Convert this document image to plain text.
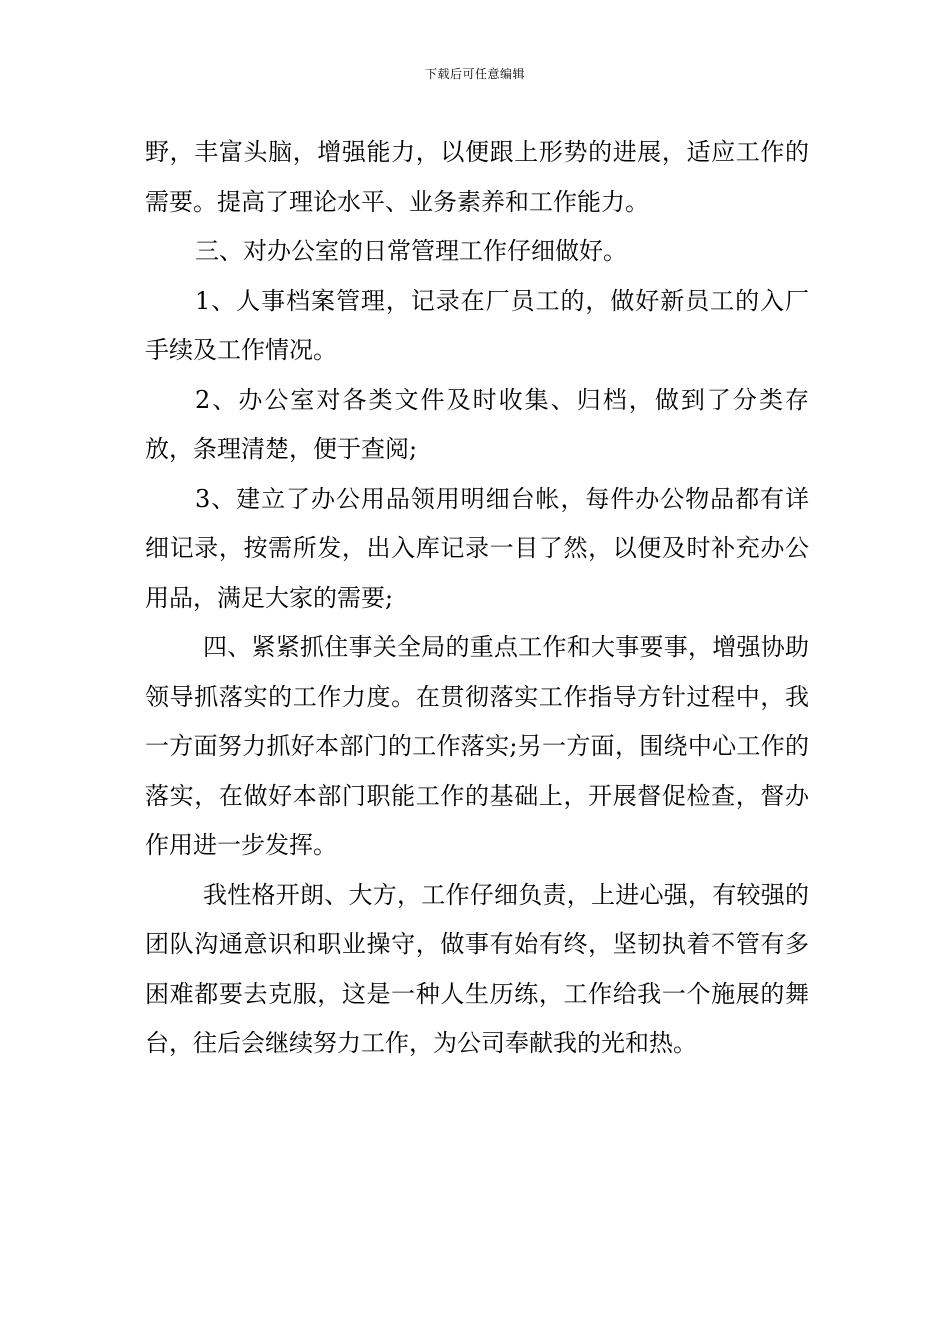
下载后可任意编辑

野，丰富头脑，增强能力，以便跟上形势的进展，适应工作的需要。提高了理论水平、业务素养和工作能力。

三、对办公室的日常管理工作仔细做好。

1、人事档案管理，记录在厂员工的，做好新员工的入厂手续及工作情况。

2、办公室对各类文件及时收集、归档，做到了分类存放，条理清楚，便于查阅;

3、建立了办公用品领用明细台帐，每件办公物品都有详细记录，按需所发，出入库记录一目了然，以便及时补充办公用品，满足大家的需要;

四、紧紧抓住事关全局的重点工作和大事要事，增强协助领导抓落实的工作力度。在贯彻落实工作指导方针过程中，我一方面努力抓好本部门的工作落实;另一方面，围绕中心工作的落实，在做好本部门职能工作的基础上，开展督促检查，督办作用进一步发挥。

我性格开朗、大方，工作仔细负责，上进心强，有较强的团队沟通意识和职业操守，做事有始有终，坚韧执着不管有多困难都要去克服，这是一种人生历练，工作给我一个施展的舞台，往后会继续努力工作，为公司奉献我的光和热。
